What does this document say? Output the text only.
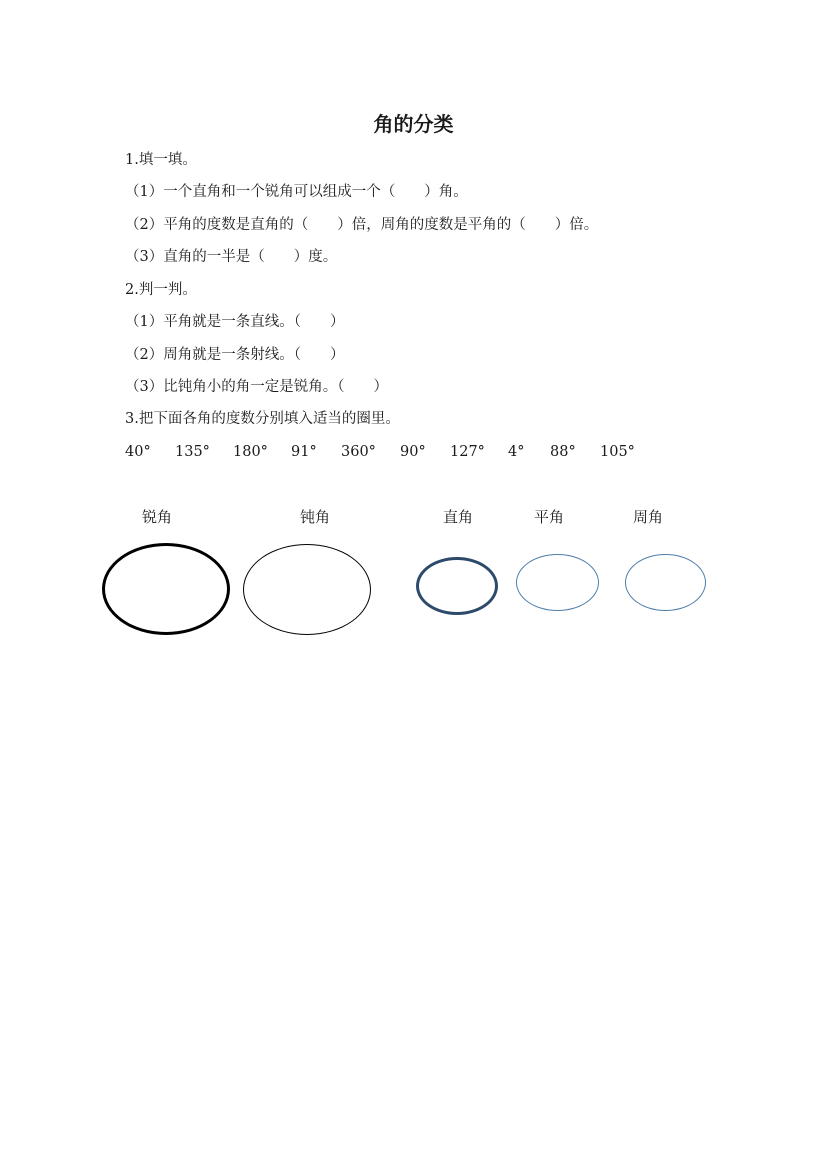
角的分类
1.填一填。
（1）一个直角和一个锐角可以组成一个（　　）角。
（2）平角的度数是直角的（　　）倍，周角的度数是平角的（　　）倍。
（3）直角的一半是（　　）度。
2.判一判。
（1）平角就是一条直线。（　　）
（2）周角就是一条射线。（　　）
（3）比钝角小的角一定是锐角。（　　）
3.把下面各角的度数分别填入适当的圈里。
40° 135° 180° 91° 360° 90° 127° 4° 88° 105°
锐角	钝角	直角	平角	周角
